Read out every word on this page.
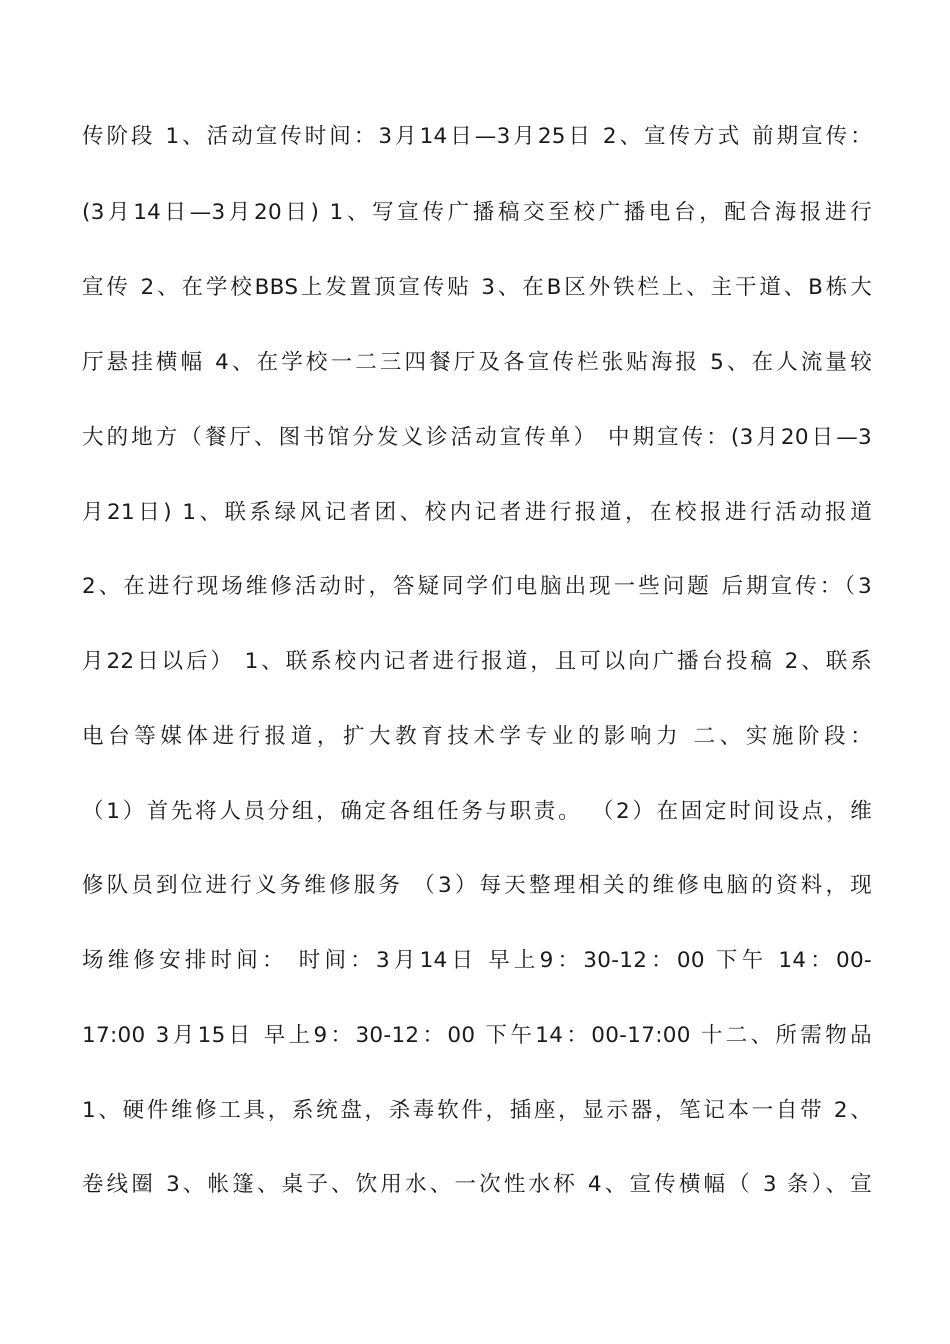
传阶段 1、活动宣传时间：3月14日—3月25日 2、宣传方式 前期宣传：
(3月14日—3月20日) 1、写宣传广播稿交至校广播电台，配合海报进行
宣传 2、在学校BBS上发置顶宣传贴 3、在B区外铁栏上、主干道、B栋大
厅悬挂横幅 4、在学校一二三四餐厅及各宣传栏张贴海报 5、在人流量较
大的地方（餐厅、图书馆分发义诊活动宣传单） 中期宣传：(3月20日—3
月21日) 1、联系绿风记者团、校内记者进行报道，在校报进行活动报道
2、在进行现场维修活动时，答疑同学们电脑出现一些问题 后期宣传：（3
月22日以后） 1、联系校内记者进行报道，且可以向广播台投稿 2、联系
电台等媒体进行报道，扩大教育技术学专业的影响力 二、实施阶段：
（1）首先将人员分组，确定各组任务与职责。 （2）在固定时间设点，维
修队员到位进行义务维修服务 （3）每天整理相关的维修电脑的资料，现
场维修安排时间： 时间：3月14日 早上9：30-12：00 下午 14：00-
17:00 3月15日 早上9：30-12：00 下午14：00-17:00 十二、所需物品
1、硬件维修工具，系统盘，杀毒软件，插座，显示器，笔记本一自带 2、
卷线圈 3、帐篷、桌子、饮用水、一次性水杯 4、宣传横幅（ 3 条）、宣
